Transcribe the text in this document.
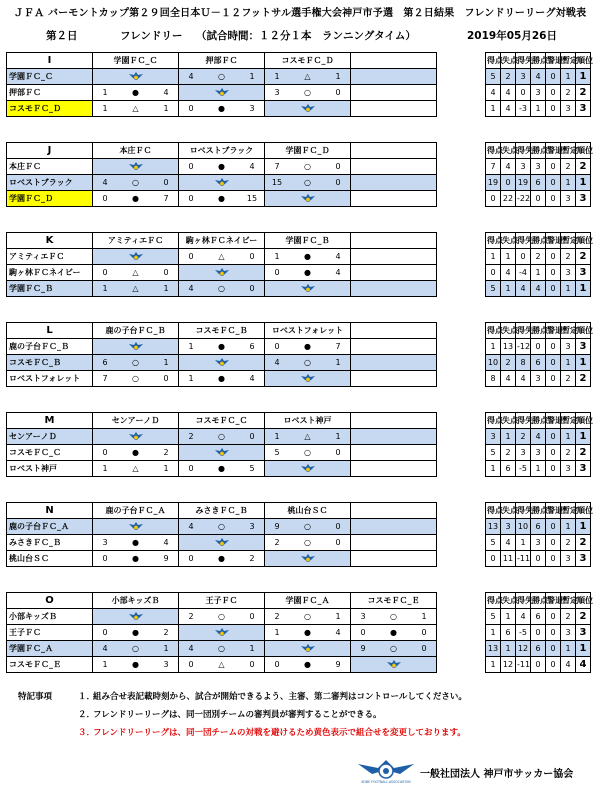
ＪＦＡ バーモントカップ第２９回全日本Ｕ－１２フットサル選手権大会神戸市予選　第２日結果　フレンドリーリーグ対戦表
第２日	フレンドリー （試合時間：１２分１本　ランニングタイム）	2019年05月26日
I	学園ＦＣ_Ｃ	押部ＦＣ	コスモＦＣ_Ｄ			得点	失点	得失	勝点	警退	暫定	順位
学園ＦＣ_Ｃ		4 ○ 1	1 △ 1			5	2	3	4	0	1	1
押部ＦＣ	1 ● 4		3 ○ 0			4	4	0	3	0	2	2
コスモＦＣ_Ｄ	1 △ 1	0 ● 3				1	4	-3	1	0	3	3
J	本庄ＦＣ	ロベストブラック	学園ＦＣ_Ｄ			得点	失点	得失	勝点	警退	暫定	順位
本庄ＦＣ		0 ● 4	7 ○ 0			7	4	3	3	0	2	2
ロベストブラック	4 ○ 0		15 ○ 0			19	0	19	6	0	1	1
学園ＦＣ_Ｄ	0 ● 7	0 ● 15				0	22	-22	0	0	3	3
K	アミティエＦＣ	駒ヶ林ＦＣネイビー	学園ＦＣ_Ｂ			得点	失点	得失	勝点	警退	暫定	順位
アミティエＦＣ		0 △ 0	1 ● 4			1	1	0	2	0	2	2
駒ヶ林ＦＣネイビー	0 △ 0		0 ● 4			0	4	-4	1	0	3	3
学園ＦＣ_Ｂ	1 △ 1	4 ○ 0				5	1	4	4	0	1	1
L	鹿の子台ＦＣ_Ｂ	コスモＦＣ_Ｂ	ロベストフォレット			得点	失点	得失	勝点	警退	暫定	順位
鹿の子台ＦＣ_Ｂ		1 ● 6	0 ● 7			1	13	-12	0	0	3	3
コスモＦＣ_Ｂ	6 ○ 1		4 ○ 1			10	2	8	6	0	1	1
ロベストフォレット	7 ○ 0	1 ● 4				8	4	4	3	0	2	2
M	センアーノＤ	コスモＦＣ_Ｃ	ロベスト神戸			得点	失点	得失	勝点	警退	暫定	順位
センアーノＤ		2 ○ 0	1 △ 1			3	1	2	4	0	1	1
コスモＦＣ_Ｃ	0 ● 2		5 ○ 0			5	2	3	3	0	2	2
ロベスト神戸	1 △ 1	0 ● 5				1	6	-5	1	0	3	3
N	鹿の子台ＦＣ_Ａ	みさきＦＣ_Ｂ	桃山台ＳＣ			得点	失点	得失	勝点	警退	暫定	順位
鹿の子台ＦＣ_Ａ		4 ○ 3	9 ○ 0			13	3	10	6	0	1	1
みさきＦＣ_Ｂ	3 ● 4		2 ○ 0			5	4	1	3	0	2	2
桃山台ＳＣ	0 ● 9	0 ● 2				0	11	-11	0	0	3	3
O	小部キッズＢ	王子ＦＣ	学園ＦＣ_Ａ	コスモＦＣ_Ｅ		得点	失点	得失	勝点	警退	暫定	順位
小部キッズＢ		2 ○ 0	2 ○ 1	3 ○ 1		5	1	4	6	0	2	2
王子ＦＣ	0 ● 2		1 ● 4	0 ● 0		1	6	-5	0	0	3	3
学園ＦＣ_Ａ	4 ○ 1	4 ○ 1		9 ○ 0		13	1	12	6	0	1	1
コスモＦＣ_Ｅ	1 ● 3	0 △ 0	0 ● 9			1	12	-11	0	0	4	4
特記事項	１．
組み合せ表記載時刻から、試合が開始できるよう、主審、第二審判はコントロールしてください。
２．
フレンドリーリーグは、同一団別チームの審判員が審判することができる。
３．
フレンドリーリーグは、同一団チームの対戦を避けるため黄色表示で組合せを変更しております。
KOBE FOOTBALL ASSOCIATION
一般社団法人 神戸市サッカー協会
